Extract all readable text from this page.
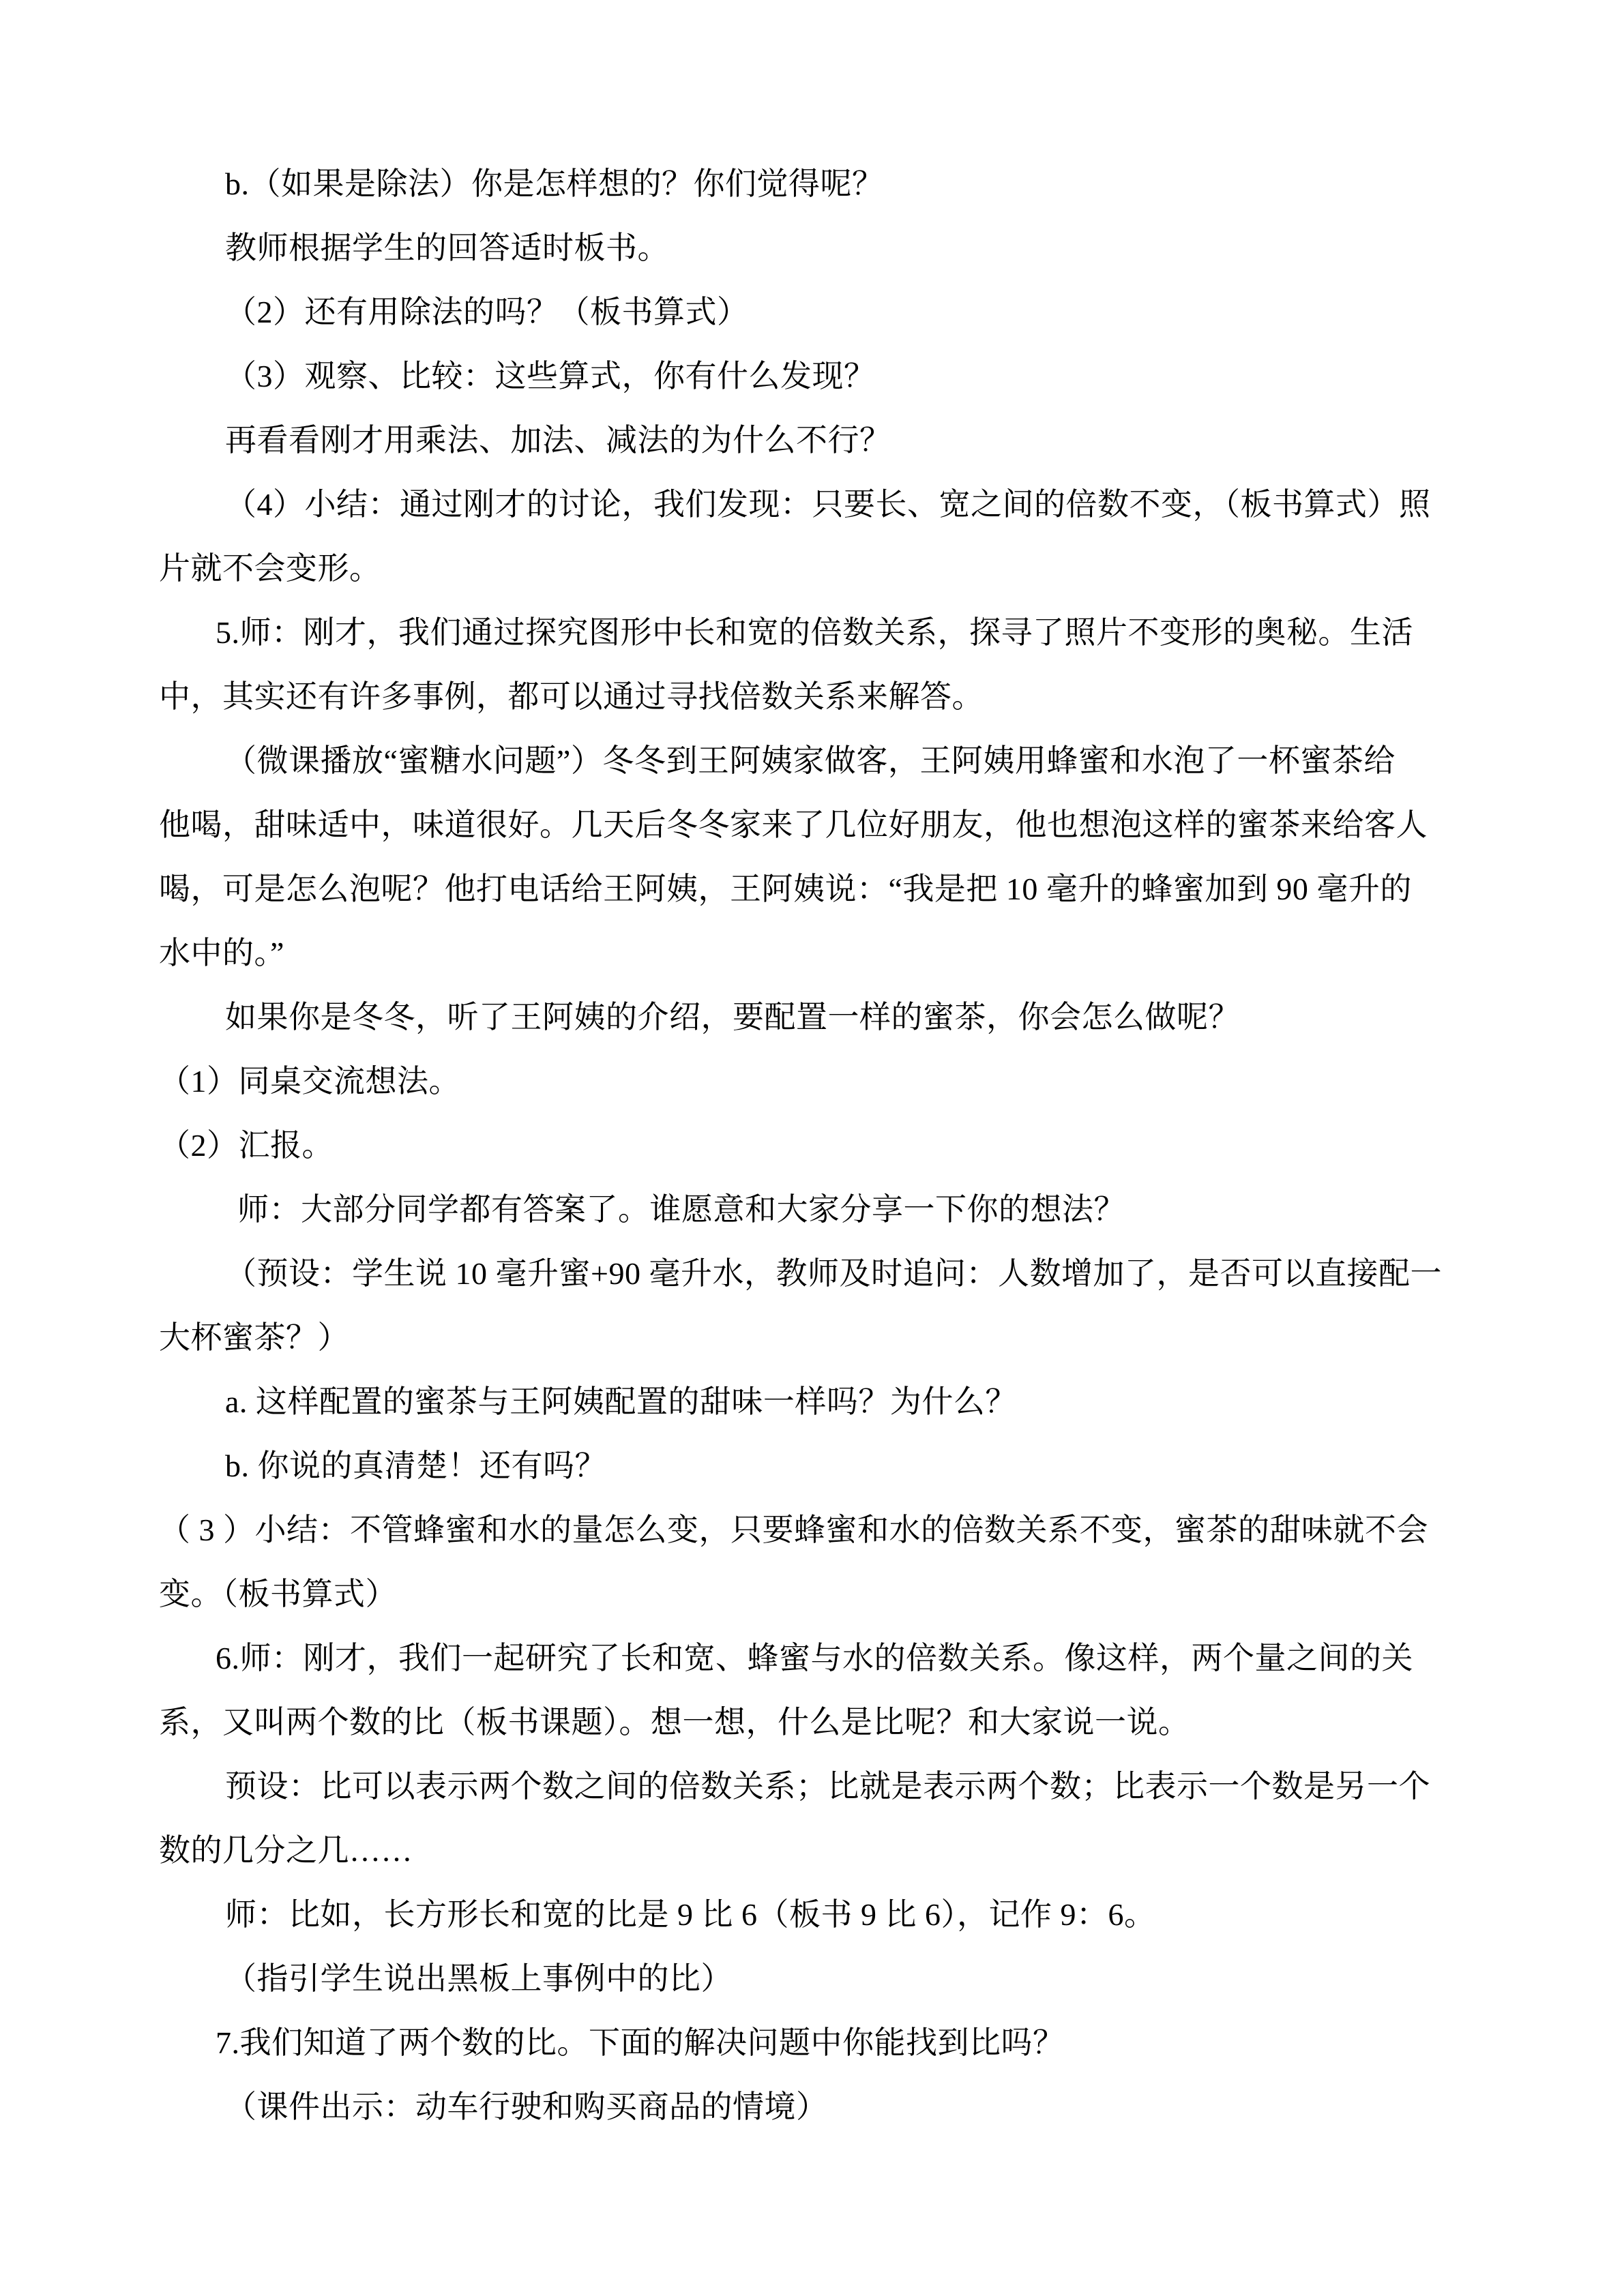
b.（如果是除法）你是怎样想的？你们觉得呢？

教师根据学生的回答适时板书。

（2）还有用除法的吗？（板书算式）

（3）观察、比较：这些算式，你有什么发现？

再看看刚才用乘法、加法、减法的为什么不行？

（4）小结：通过刚才的讨论，我们发现：只要长、宽之间的倍数不变，（板书算式）照

片就不会变形。

5.师：刚才，我们通过探究图形中长和宽的倍数关系，探寻了照片不变形的奥秘。生活

中，其实还有许多事例，都可以通过寻找倍数关系来解答。

（微课播放“蜜糖水问题”）冬冬到王阿姨家做客，王阿姨用蜂蜜和水泡了一杯蜜茶给

他喝，甜味适中，味道很好。几天后冬冬家来了几位好朋友，他也想泡这样的蜜茶来给客人

喝，可是怎么泡呢？他打电话给王阿姨，王阿姨说：“我是把 10 毫升的蜂蜜加到 90 毫升的

水中的。”

如果你是冬冬，听了王阿姨的介绍，要配置一样的蜜茶，你会怎么做呢？

（1）同桌交流想法。

（2）汇报。

师：大部分同学都有答案了。谁愿意和大家分享一下你的想法？

（预设：学生说 10 毫升蜜+90 毫升水，教师及时追问：人数增加了，是否可以直接配一

大杯蜜茶？）

a. 这样配置的蜜茶与王阿姨配置的甜味一样吗？为什么？

b. 你说的真清楚！还有吗？

（ 3 ）小结：不管蜂蜜和水的量怎么变，只要蜂蜜和水的倍数关系不变，蜜茶的甜味就不会

变。（板书算式）

6.师：刚才，我们一起研究了长和宽、蜂蜜与水的倍数关系。像这样，两个量之间的关

系，又叫两个数的比（板书课题）。想一想，什么是比呢？和大家说一说。

预设：比可以表示两个数之间的倍数关系；比就是表示两个数；比表示一个数是另一个

数的几分之几……

师：比如，长方形长和宽的比是 9 比 6（板书 9 比 6），记作 9：6。

（指引学生说出黑板上事例中的比）

7.我们知道了两个数的比。下面的解决问题中你能找到比吗？

（课件出示：动车行驶和购买商品的情境）
